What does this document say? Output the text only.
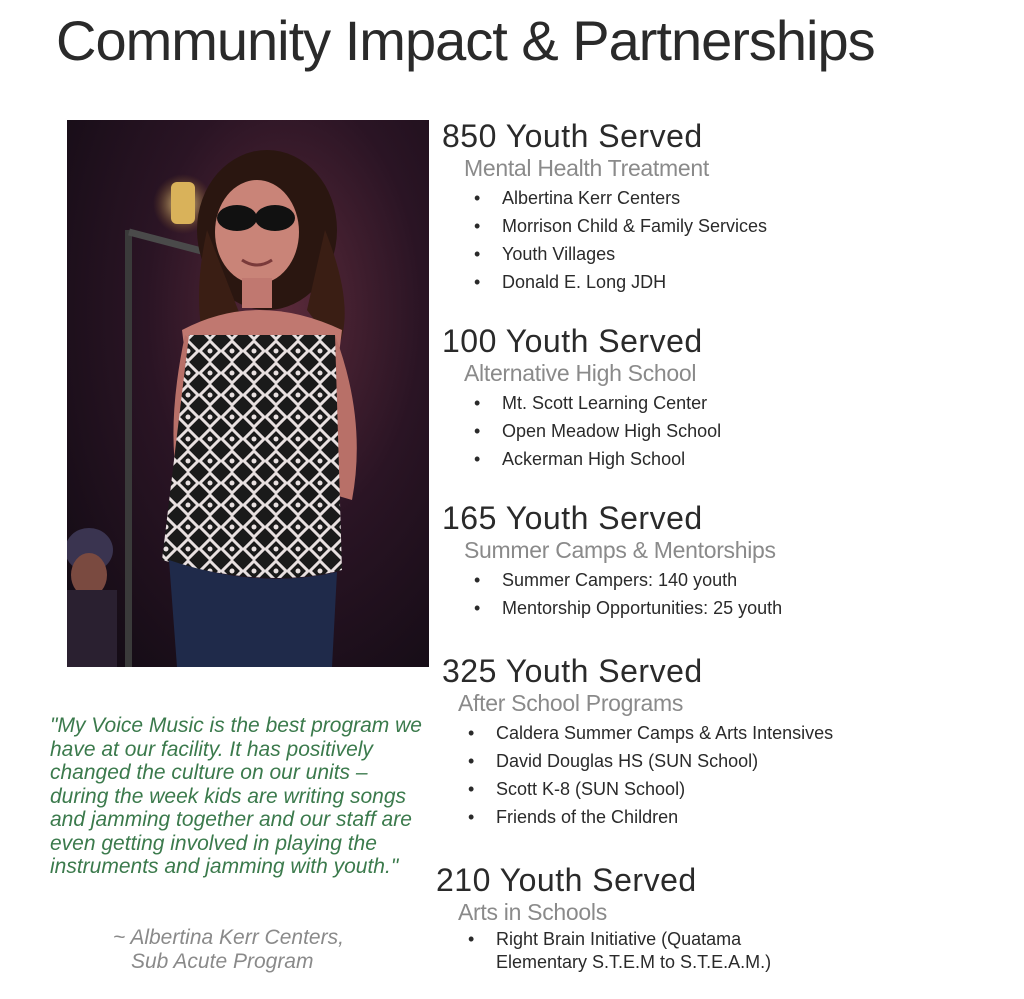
Community Impact & Partnerships
850 Youth Served
Mental Health Treatment
• Albertina Kerr Centers
• Morrison Child & Family Services
• Youth Villages
• Donald E. Long JDH
100 Youth Served
Alternative High School
• Mt. Scott Learning Center
• Open Meadow High School
• Ackerman High School
165 Youth Served
Summer Camps & Mentorships
• Summer Campers: 140 youth
• Mentorship Opportunities: 25 youth
325 Youth Served
After School Programs
• Caldera Summer Camps & Arts Intensives
• David Douglas HS (SUN School)
• Scott K-8 (SUN School)
• Friends of the Children
210 Youth Served
Arts in Schools
• Right Brain Initiative (Quatama Elementary S.T.E.M to S.T.E.A.M.)
"My Voice Music is the best program we have at our facility. It has positively changed the culture on our units – during the week kids are writing songs and jamming together and our staff are even getting involved in playing the instruments and jamming with youth."
~ Albertina Kerr Centers,
Sub Acute Program
